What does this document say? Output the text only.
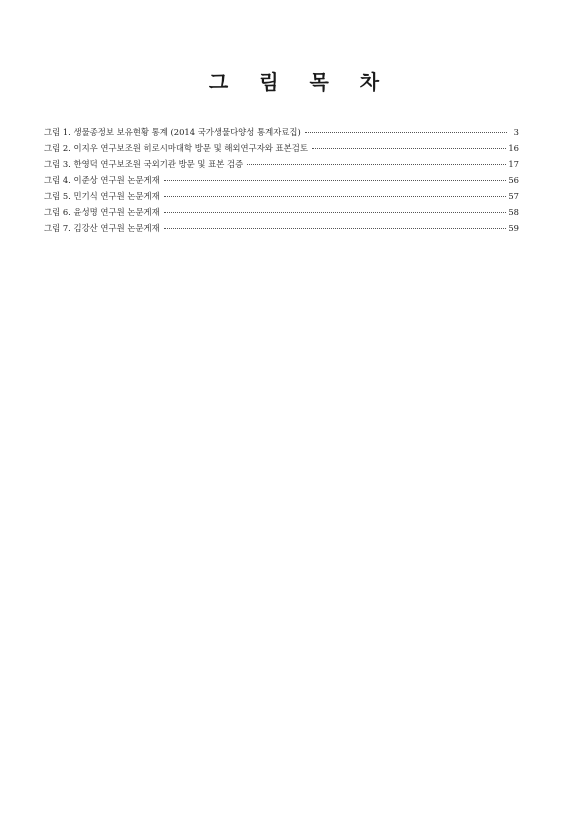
그 림 목 차
그림 1. 생물종정보 보유현황 통계 (2014 국가생물다양성 통계자료집)	3
그림 2. 이지우 연구보조원 히로시마대학 방문 및 해외연구자와 표본검토	16
그림 3. 한영덕 연구보조원 국외기관 방문 및 표본 검증	17
그림 4. 이준상 연구원 논문게재	56
그림 5. 민기식 연구원 논문게재	57
그림 6. 윤성명 연구원 논문게재	58
그림 7. 김강산 연구원 논문게재	59
